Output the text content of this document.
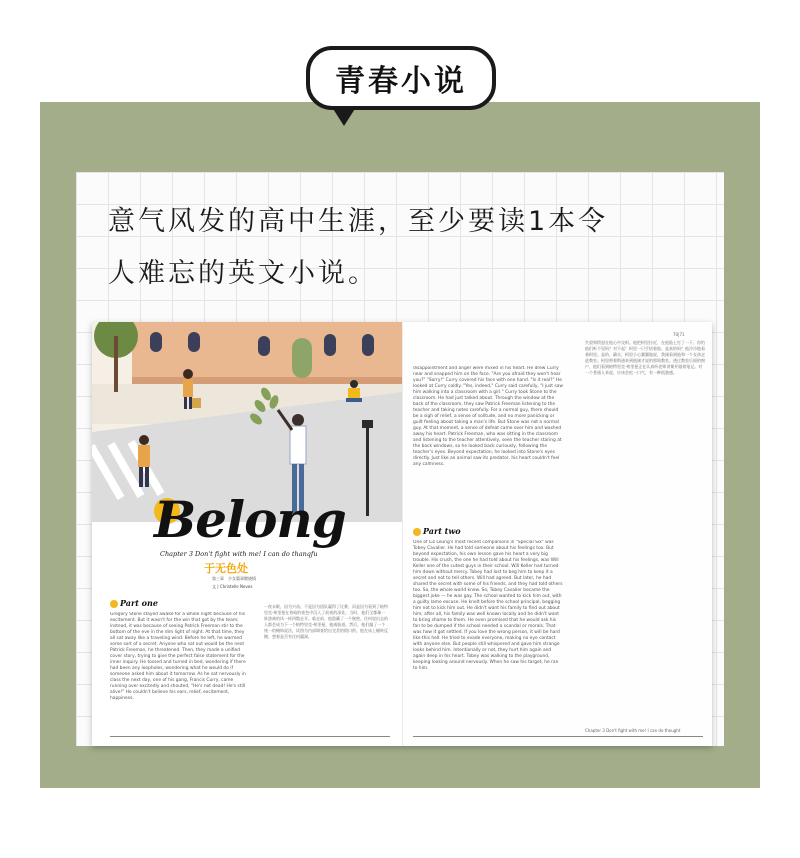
青春小说
意气风发的高中生涯，至少要读1本令
人难忘的英文小说。
Belong
Chapter 3 Don't fight with me! I can do thanqfu
于无色处
第三章　少女篇章燃烧情
文 | Christelle Neves
Part one
Gregory Stone stayed awake for a whole night because of his excitement. But it wasn't for the win that got by the team; instead, it was because of seeing Patrick Freeman stir to the bottom of the eve in the dim light of night. At that time, they all sat away like a traveling wind. Before he left, he warmed some sort of a secret. Anyone who sat out would be the next Patrick Freeman, he threatened. Then, they made a unified cover story, trying to give the perfect false statement for the inner inquiry. He tossed and turned in bed, wondering if there had been any loopholes, wondering what he would do if someone asked him about it tomorrow. As he sat nervously in class the next day, one of his gang, Francis Curry, came running over excitedly and shouted, "He's not dead! He's still alive!" He couldn't believe his ears, relief, excitement, happiness,
一夜未眠，因为兴奋。不是因为团队赢得了比赛，而是因为看到了帕特里克·弗里曼在昏暗的夜色中沉入了前夜的深处。当时，他们全都像一阵游离的风一样四散走开。临走前，他隐藏了一个秘密。任何说出去的人都会成为下一个帕特里克·弗里曼，他威胁道。然后，他们编了一个统一的掩饰说法，试图为内部调查给出完美的假口供。他在床上辗转反侧，想着是否有任何漏洞。
disappointment and anger were mixed in his heart. He drew Curry near and snapped him on the face. "Are you afraid they won't hear you?" "Sorry!" Curry covered his face with one hand. "Is it real?" He looked at Curry coldly. "Yes, indeed," Curry said carefully, "I just saw him walking into a classroom with a girl." Curry took Stone to the classroom. He had just talked about. Through the window at the back of the classroom, they saw Patrick Freeman listening to the teacher and taking notes carefully. For a normal guy, there should be a sigh of relief, a sense of solitude, and no more panicking or guilt feeling about taking a man's life. But Stone was not a normal guy. At that moment, a sense of defeat came over him and washed away his heart. Patrick Freeman, who was sitting in the classroom and listening to the teacher attentively, seen the teacher staring at the back windows, so he looked back curiously, following the teacher's eyes. Beyond expectation, he looked into Stone's eyes directly. Just like an animal saw its predator, his heart couldn't feel any calmness.
Part two
One of Liz Leung's most recent companions in "Special Six" was Tobey Cavalier. He had told someone about his feelings too. But beyond expectation, his own lesson gave his heart a very big trouble. His crush, the one he had told about his feelings, was Will Keller one of the cutest guys in their school. Will Keller had turned him down without mercy. Tobey had lost to beg him to keep it a secret and not to tell others. Will had agreed. But later, he had shared the secret with some of his friends, and they had told others too. So, the whole world knew. So, Tobey Cavalier became the biggest joke — he was gay. The school wanted to kick him out, with a guilty lame excuse. He knelt before the school principal, begging him not to kick him out. He didn't want his family to find out about him; after all, his family was well known locally and he didn't want to bring shame to them. He even promised that he would ask his fan to be dumped if the school needed a scandal or morals. That was how it got settled. If you love the wrong person, it will be hard like this hell. He tried to evade everyone, making no eye contact with anyone else. But people still whispered and gave him strange looks behind him. Intentionally or not, they hurt him again and again deep in his heart. Tobey was walking to the playground, keeping looking around nervously. When he saw his target, he ran to him.
失望和愤怒在他心中交织。他把柯里拉近，在他脸上打了一下。你怕他们听不见吗？对不起！柯里一只手捂着脸。是真的吗？他冷冷地看着柯里。是的，确实，柯里小心翼翼地说，我刚看到他和一个女孩走进教室。柯里带着斯通来到他刚才说的那间教室。透过教室后面的窗户，他们看到帕特里克·弗里曼正在认真听老师讲课并做着笔记。对一个普通人来说，应该会松一口气，有一种孤独感。
70|71
Chapter 3 Don't fight with me! I can do thought
